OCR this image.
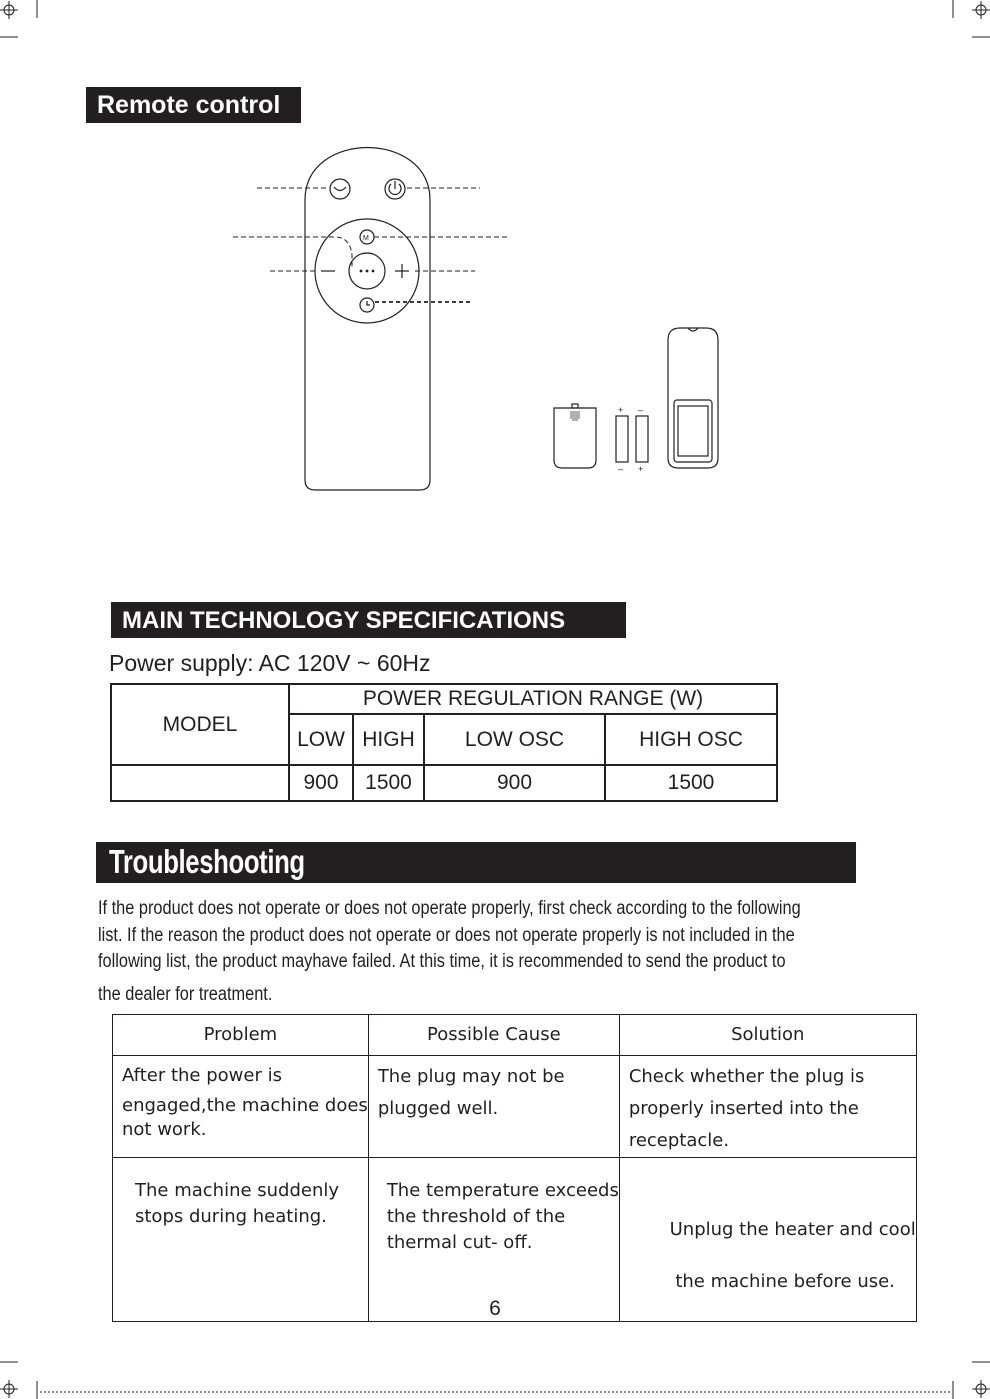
Remote control
M
+ –
– +
MAIN TECHNOLOGY SPECIFICATIONS
Power supply: AC 120V ~ 60Hz
MODEL	POWER REGULATION RANGE (W)			
	LOW	HIGH	LOW OSC	HIGH OSC
	900	1500	900	1500
Troubleshooting
If the product does not operate or does not operate properly, first check according to the following
list. If the reason the product does not operate or does not operate properly is not included in the
following list, the product mayhave failed. At this time, it is recommended to send the product to
the dealer for treatment.
Problem	Possible Cause	Solution

After the power is
engaged,the machine does
not work.	The plug may not be
plugged well.	Check whether the plug is
properly inserted into the
receptacle.

The machine suddenly
stops during heating.	The temperature exceeds
the threshold of the
thermal cut- off.	Unplug the heater and cool

the machine before use.

6
